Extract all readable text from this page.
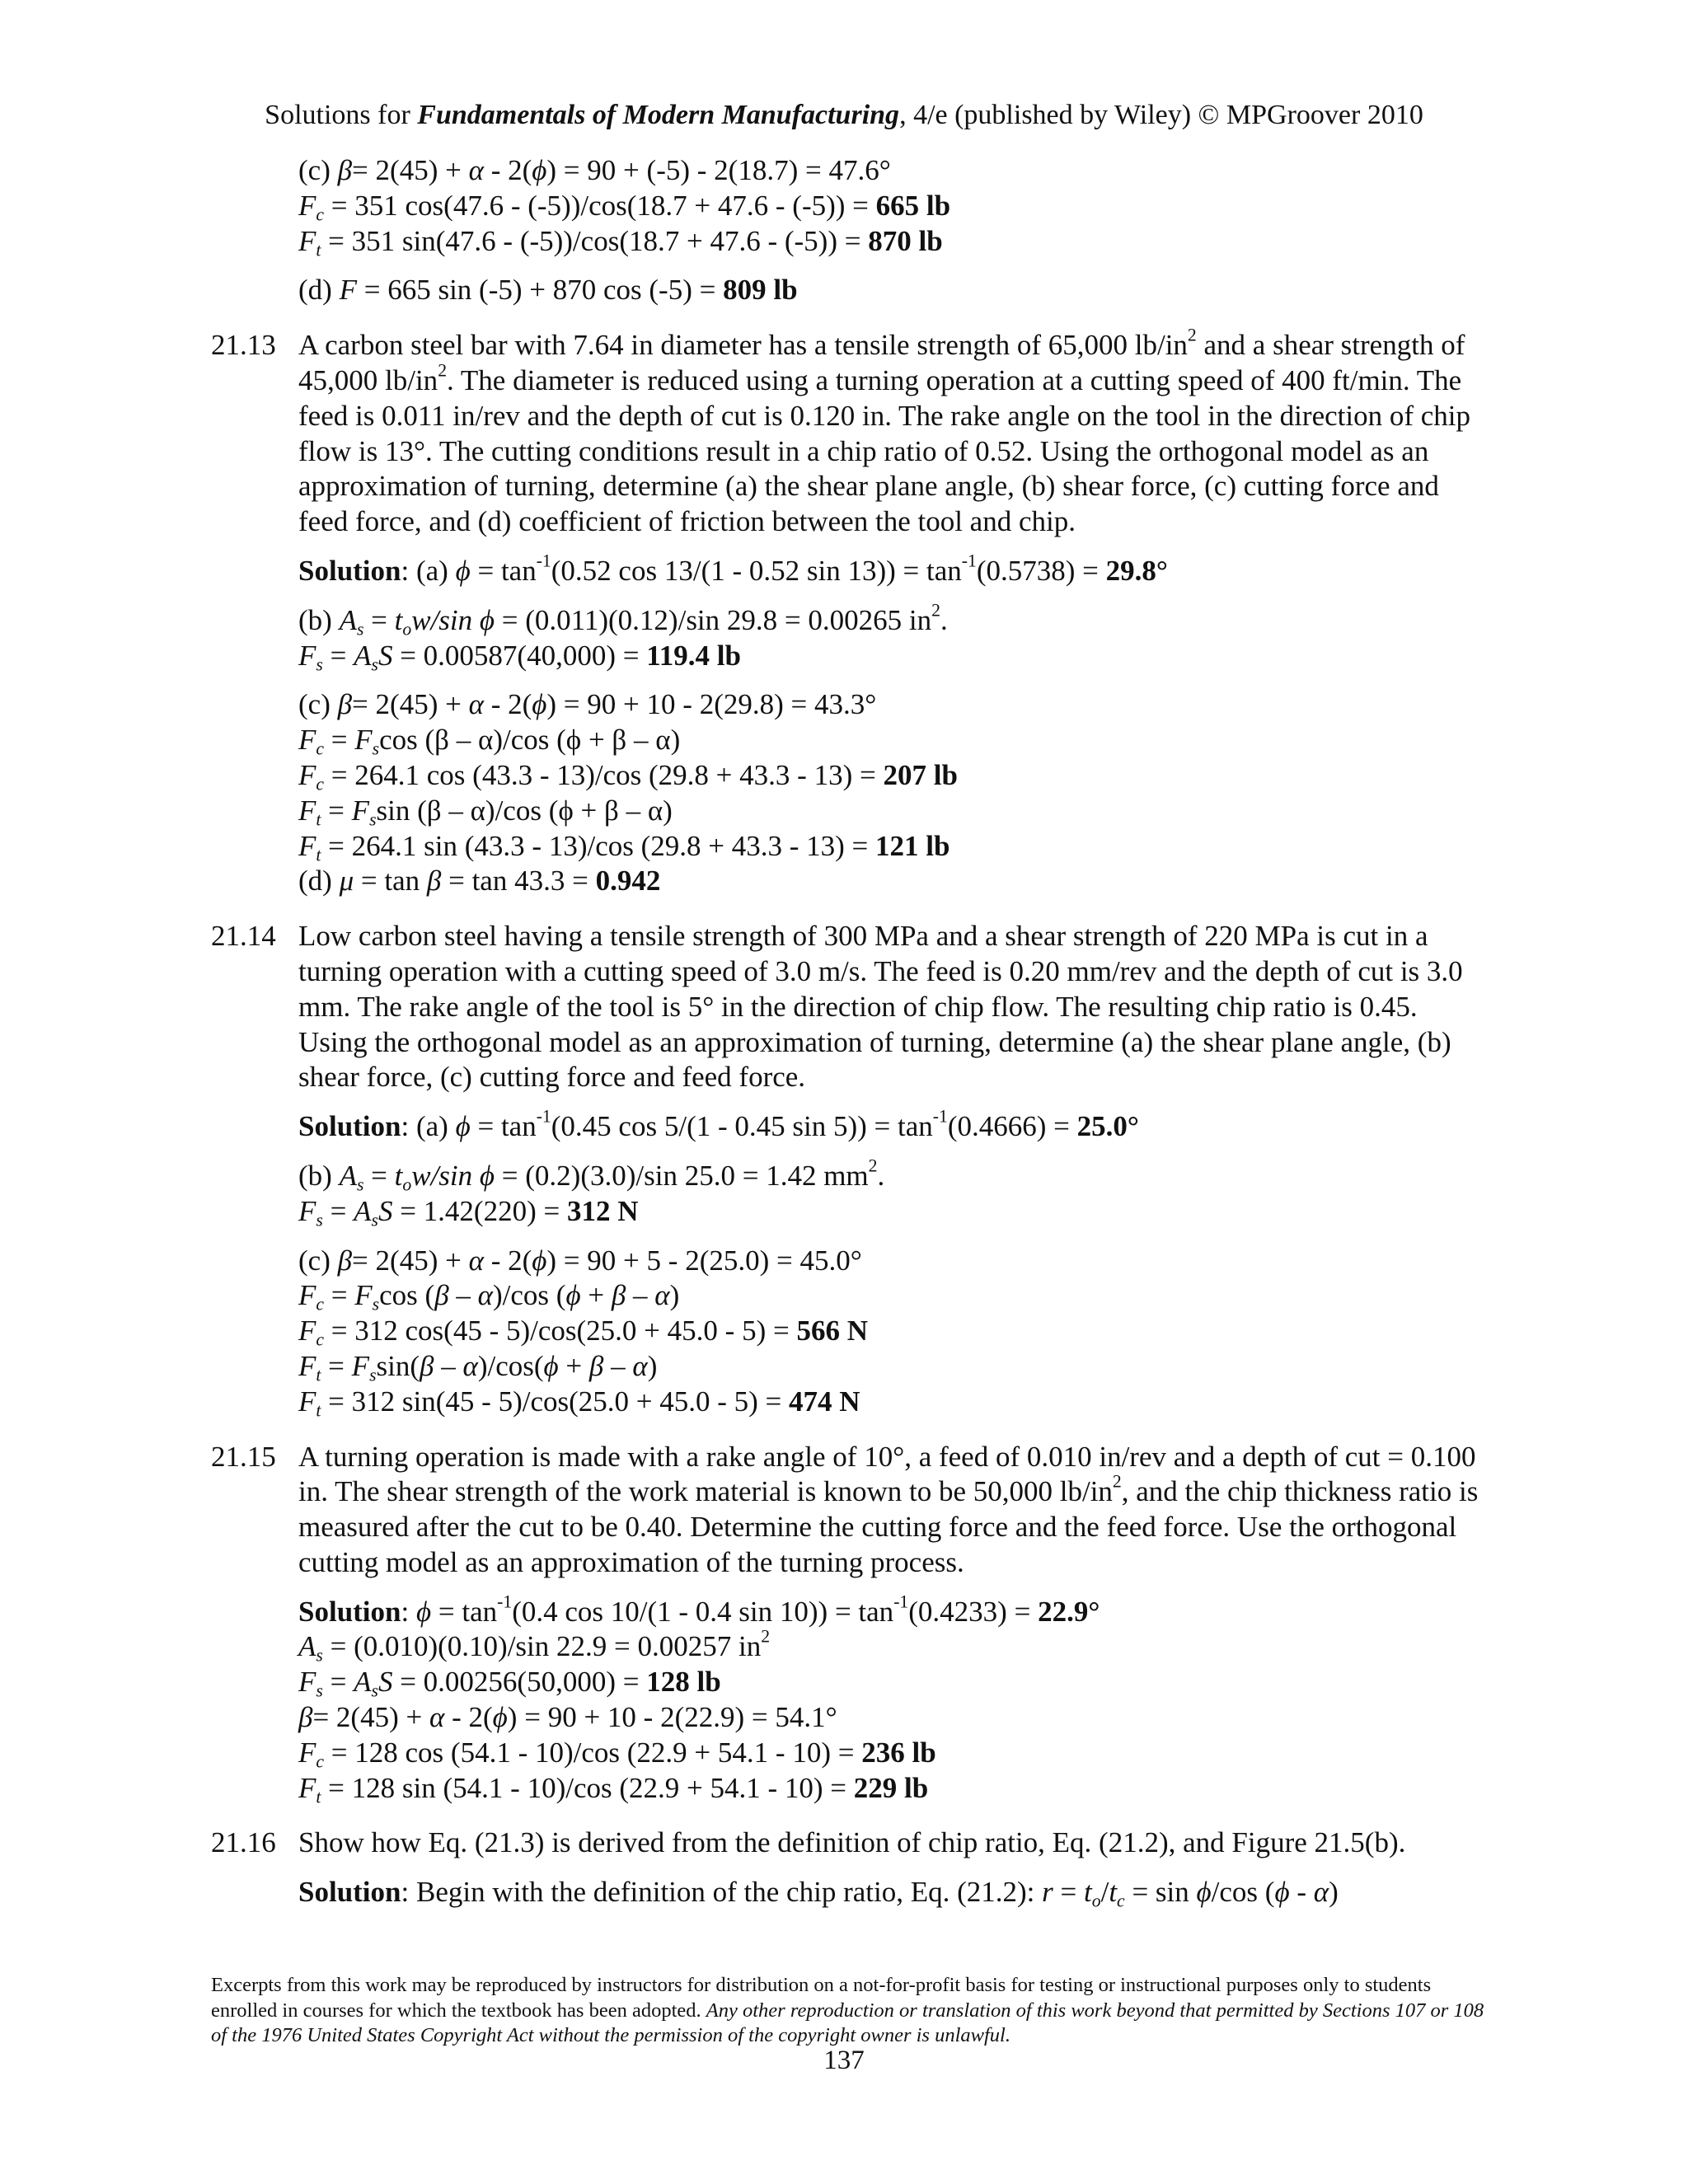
Solutions for Fundamentals of Modern Manufacturing, 4/e (published by Wiley) © MPGroover 2010
(c) β= 2(45) + α - 2(ϕ) = 90 + (-5) - 2(18.7) = 47.6°
$F_c = 351$ cos(47.6 - (-5))/cos(18.7 + 47.6 - (-5)) = 665 lb
$F_t = 351$ sin(47.6 - (-5))/cos(18.7 + 47.6 - (-5)) = 870 lb
(d) F = 665 sin (-5) + 870 cos (-5) = 809 lb
21.13 A carbon steel bar with 7.64 in diameter has a tensile strength of 65,000 $lb/in^2$ and a shear strength of 45,000 $lb/in^2$. The diameter is reduced using a turning operation at a cutting speed of 400 ft/min. The feed is 0.011 in/rev and the depth of cut is 0.120 in. The rake angle on the tool in the direction of chip flow is 13°. The cutting conditions result in a chip ratio of 0.52. Using the orthogonal model as an approximation of turning, determine (a) the shear plane angle, (b) shear force, (c) cutting force and feed force, and (d) coefficient of friction between the tool and chip.
Solution: (a) $\phi = \tan^{-1}(0.52$ cos 13/(1 - 0.52 $\sin 13)) = \tan^{-1}(0.5738) = 29.8^\circ$
(b) $A_s = t_ow/\sin$ ϕ = (0.011)(0.12)/sin 29.8 = 0.00265 $in^2$.
$F_s = A_sS = 0.00587(40,000) = 119.4$ lb
(c) β= 2(45) + α - 2(ϕ) = 90 + 10 - 2(29.8) = 43.3°
$F_c = F_s\cos$ (β – α)/cos (ϕ + β – α)
$F_c = 264.1$ cos (43.3 - 13)/cos (29.8 + 43.3 - 13) = 207 lb
$F_t = F_s\sin$ (β – α)/cos (ϕ + β – α)
$F_t = 264.1$ sin (43.3 - 13)/cos (29.8 + 43.3 - 13) = 121 lb
(d) μ = tan β = tan 43.3 = 0.942
21.14 Low carbon steel having a tensile strength of 300 MPa and a shear strength of 220 MPa is cut in a turning operation with a cutting speed of 3.0 m/s. The feed is 0.20 mm/rev and the depth of cut is 3.0 mm. The rake angle of the tool is 5° in the direction of chip flow. The resulting chip ratio is 0.45. Using the orthogonal model as an approximation of turning, determine (a) the shear plane angle, (b) shear force, (c) cutting force and feed force.
Solution: (a) $\phi = \tan^{-1}(0.45$ cos 5/(1 - 0.45 $\sin 5)) = \tan^{-1}(0.4666) = 25.0^\circ$
(b) $A_s = t_ow/\sin$ ϕ = (0.2)(3.0)/sin 25.0 = 1.42 $mm^2$.
$F_s = A_sS = 1.42(220) = 312$ N
(c) β= 2(45) + α - 2(ϕ) = 90 + 5 - 2(25.0) = 45.0°
$F_c = F_s\cos$ (β – α)/cos (ϕ + β – α)
$F_c = 312$ cos(45 - 5)/cos(25.0 + 45.0 - 5) = 566 N
$F_t = F_s\sin(\beta - \alpha)/\cos(\phi + \beta - \alpha)$
$F_t = 312$ sin(45 - 5)/cos(25.0 + 45.0 - 5) = 474 N
21.15 A turning operation is made with a rake angle of 10°, a feed of 0.010 in/rev and a depth of cut = 0.100 in. The shear strength of the work material is known to be 50,000 $lb/in^2$, and the chip thickness ratio is measured after the cut to be 0.40. Determine the cutting force and the feed force. Use the orthogonal cutting model as an approximation of the turning process.
Solution: $\phi = \tan^{-1}(0.4$ cos 10/(1 - 0.4 $\sin 10)) = \tan^{-1}(0.4233) = 22.9^\circ$
$A_s = (0.010)(0.10)/\sin$ 22.9 = 0.00257 $in^2$
$F_s = A_sS = 0.00256(50,000) = 128$ lb
β= 2(45) + α - 2(ϕ) = 90 + 10 - 2(22.9) = 54.1°
$F_c = 128$ cos (54.1 - 10)/cos (22.9 + 54.1 - 10) = 236 lb
$F_t = 128$ sin (54.1 - 10)/cos (22.9 + 54.1 - 10) = 229 lb
21.16 Show how Eq. (21.3) is derived from the definition of chip ratio, Eq. (21.2), and Figure 21.5(b).
Solution: Begin with the definition of the chip ratio, Eq. (21.2): $r = t_o/t_c = \sin \phi/\cos$ (ϕ - α)
Excerpts from this work may be reproduced by instructors for distribution on a not-for-profit basis for testing or instructional purposes only to students enrolled in courses for which the textbook has been adopted. Any other reproduction or translation of this work beyond that permitted by Sections 107 or 108 of the 1976 United States Copyright Act without the permission of the copyright owner is unlawful.
137
